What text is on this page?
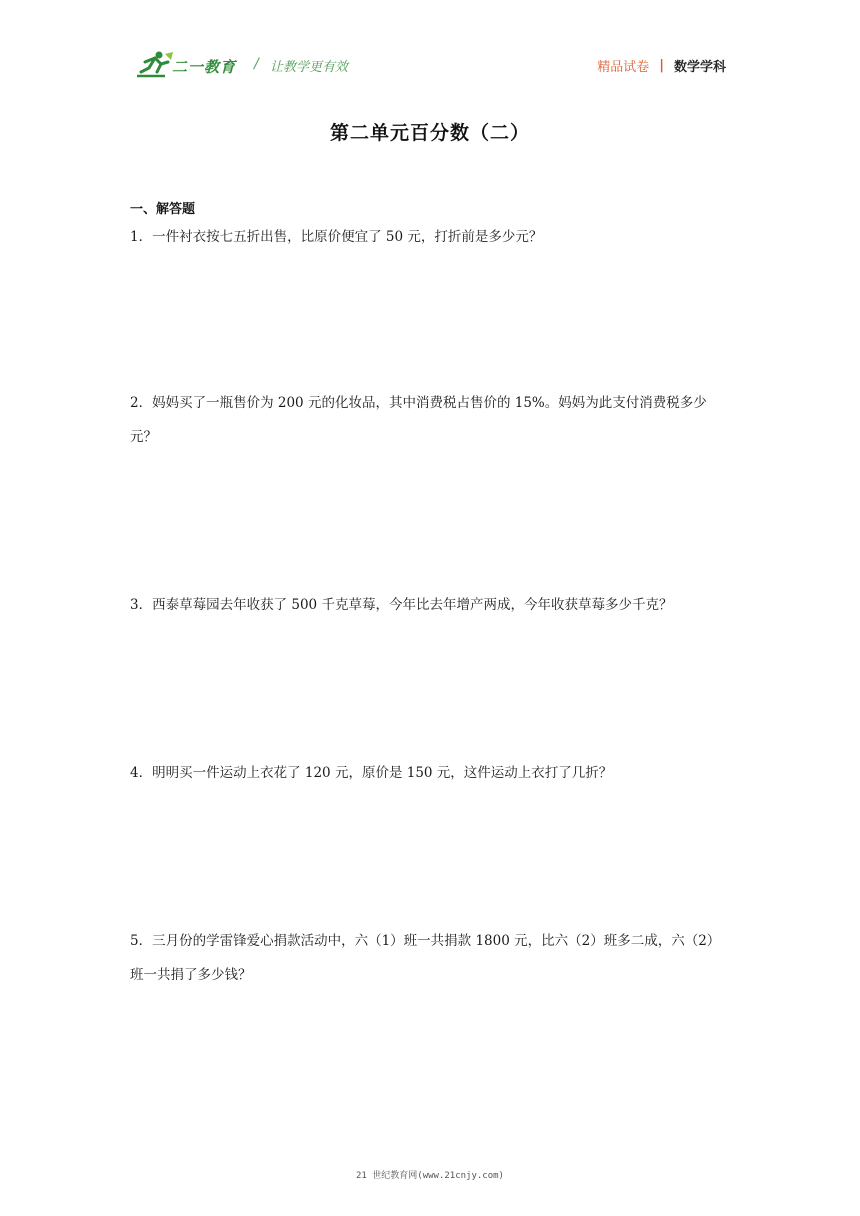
二一教育 / 让教学更有效	精品试卷 | 数学学科
第二单元百分数（二）
一、解答题
1．一件衬衣按七五折出售，比原价便宜了 50 元，打折前是多少元？
2．妈妈买了一瓶售价为 200 元的化妆品，其中消费税占售价的 15%。妈妈为此支付消费税多少元？
3．西泰草莓园去年收获了 500 千克草莓，今年比去年增产两成，今年收获草莓多少千克？
4．明明买一件运动上衣花了 120 元，原价是 150 元，这件运动上衣打了几折？
5．三月份的学雷锋爱心捐款活动中，六（1）班一共捐款 1800 元，比六（2）班多二成，六（2）班一共捐了多少钱？
21 世纪教育网(www.21cnjy.com)
